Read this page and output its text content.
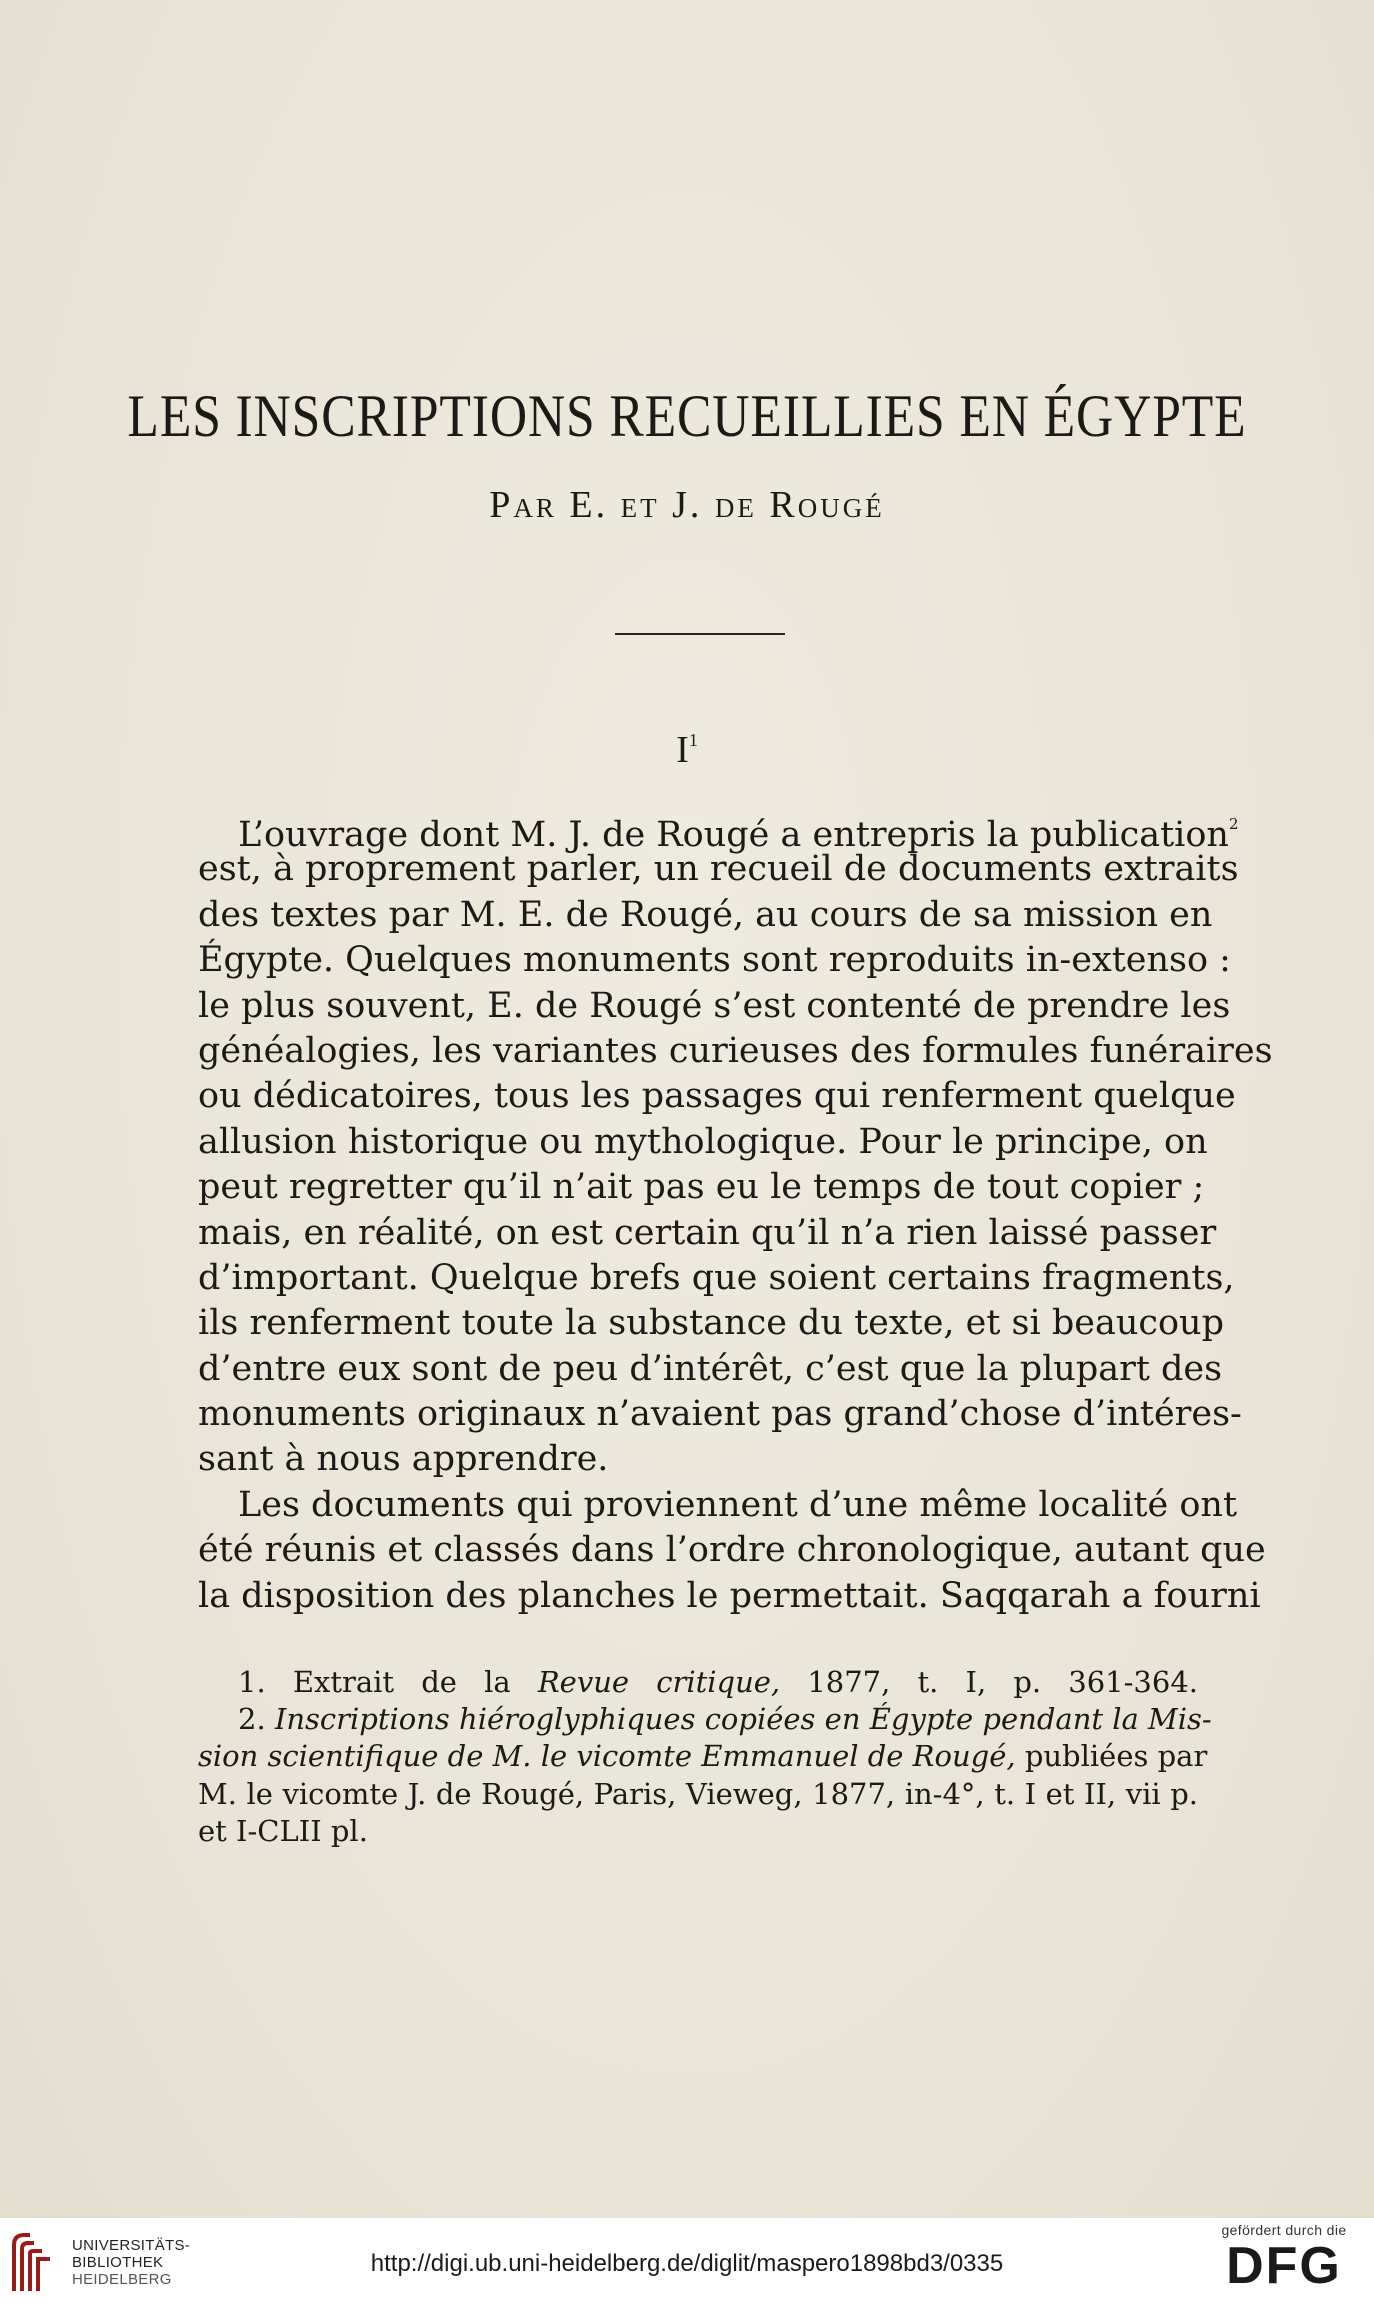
LES INSCRIPTIONS RECUEILLIES EN ÉGYPTE
Par E. et J. de Rougé
$I^1$
L’ouvrage dont M. J. de Rougé a entrepris la publication$^2$
est, à proprement parler, un recueil de documents extraits
des textes par M. E. de Rougé, au cours de sa mission en
Égypte. Quelques monuments sont reproduits in-extenso :
le plus souvent, E. de Rougé s’est contenté de prendre les
généalogies, les variantes curieuses des formules funéraires
ou dédicatoires, tous les passages qui renferment quelque
allusion historique ou mythologique. Pour le principe, on
peut regretter qu’il n’ait pas eu le temps de tout copier ;
mais, en réalité, on est certain qu’il n’a rien laissé passer
d’important. Quelque brefs que soient certains fragments,
ils renferment toute la substance du texte, et si beaucoup
d’entre eux sont de peu d’intérêt, c’est que la plupart des
monuments originaux n’avaient pas grand’chose d’intéres-
sant à nous apprendre.
Les documents qui proviennent d’une même localité ont
été réunis et classés dans l’ordre chronologique, autant que
la disposition des planches le permettait. Saqqarah a fourni
1. Extrait de la Revue critique, 1877, t. I, p. 361-364.
2. Inscriptions hiéroglyphiques copiées en Égypte pendant la Mis-
sion scientifique de M. le vicomte Emmanuel de Rougé, publiées par
M. le vicomte J. de Rougé, Paris, Vieweg, 1877, in-4°, t. I et II, vii p.
et I-CLII pl.
UNIVERSITÄTS-
BIBLIOTHEK
HEIDELBERG
http://digi.ub.uni-heidelberg.de/diglit/maspero1898bd3/0335
gefördert durch die
DFG
